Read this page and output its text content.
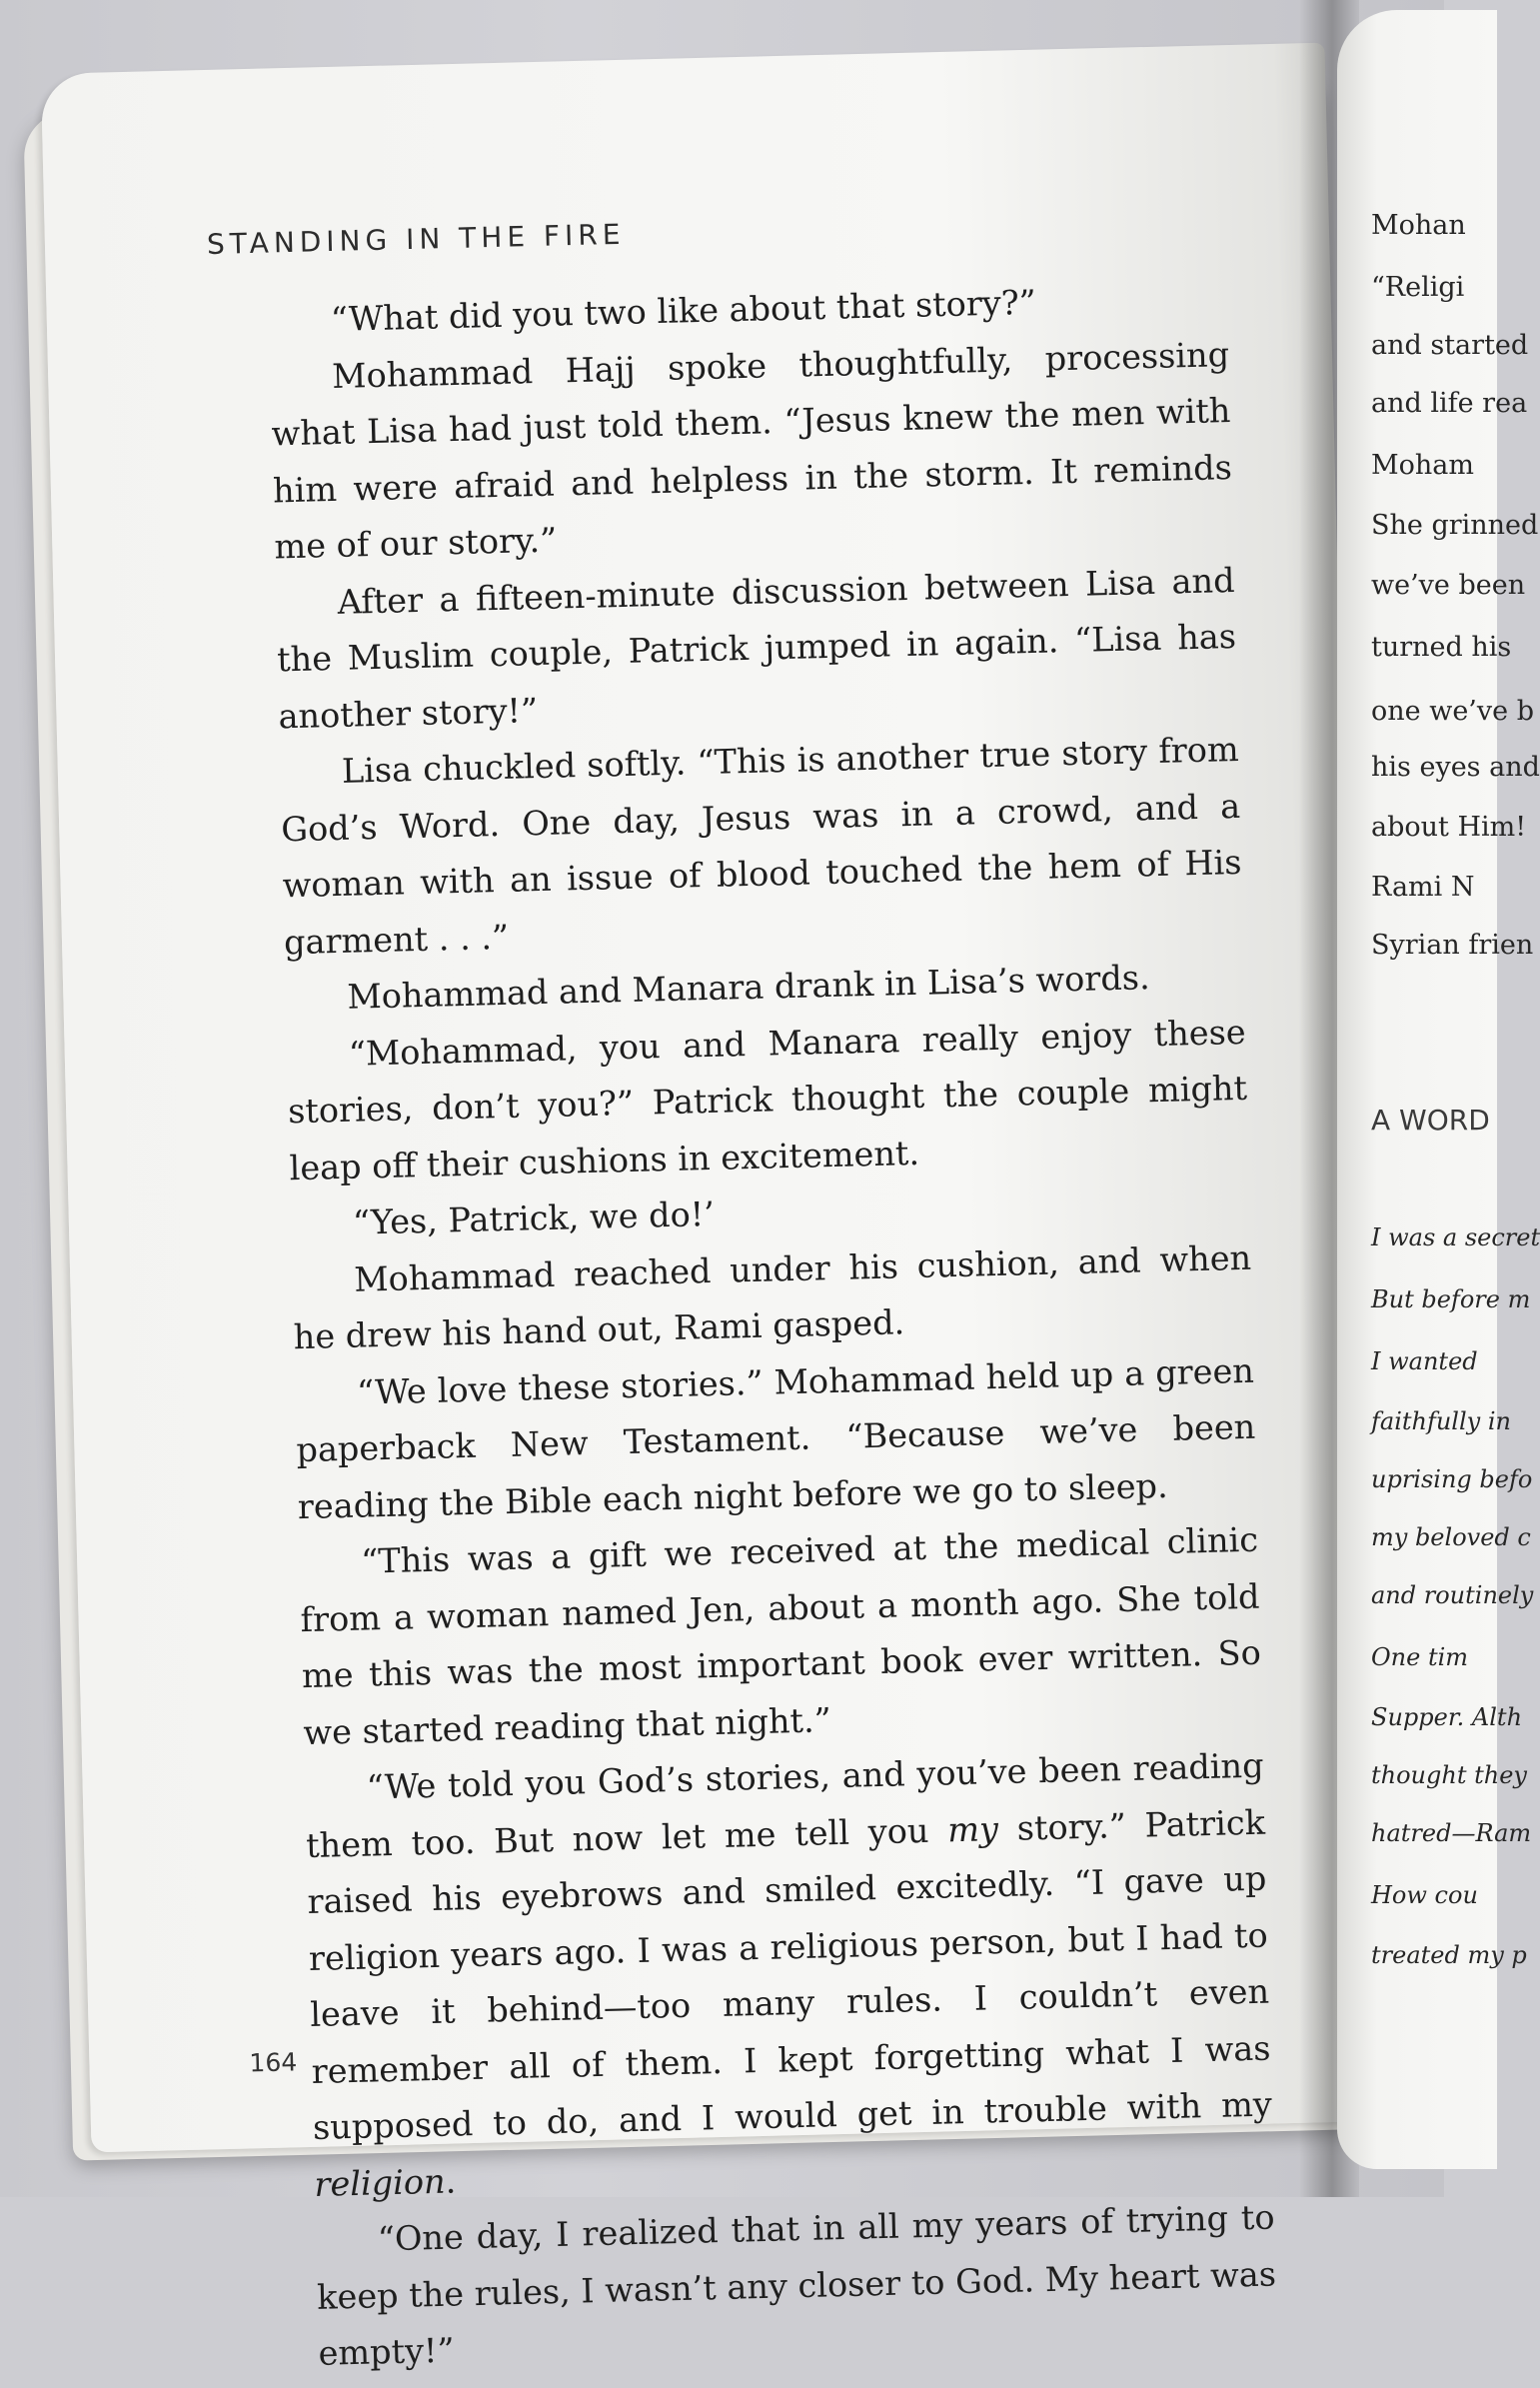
STANDING IN THE FIRE

“What did you two like about that story?”

Mohammad Hajj spoke thoughtfully, processing what Lisa had just told them. “Jesus knew the men with him were afraid and helpless in the storm. It reminds me of our story.”

After a fifteen-minute discussion between Lisa and the Muslim couple, Patrick jumped in again. “Lisa has another story!”

Lisa chuckled softly. “This is another true story from God’s Word. One day, Jesus was in a crowd, and a woman with an issue of blood touched the hem of His garment . . .”

Mohammad and Manara drank in Lisa’s words.

“Mohammad, you and Manara really enjoy these stories, don’t you?” Patrick thought the couple might leap off their cushions in excitement.

“Yes, Patrick, we do!’

Mohammad reached under his cushion, and when he drew his hand out, Rami gasped.

“We love these stories.” Mohammad held up a green paperback New Testament. “Because we’ve been reading the Bible each night before we go to sleep.

“This was a gift we received at the medical clinic from a woman named Jen, about a month ago. She told me this was the most important book ever written. So we started reading that night.”

“We told you God’s stories, and you’ve been reading them too. But now let me tell you my story.” Patrick raised his eyebrows and smiled excitedly. “I gave up religion years ago. I was a religious person, but I had to leave it behind—too many rules. I couldn’t even remember all of them. I kept forgetting what I was supposed to do, and I would get in trouble with my religion.

“One day, I realized that in all my years of trying to keep the rules, I wasn’t any closer to God. My heart was empty!”

164
Mohan
“Religi
and started
and life rea
Moham
She grinned
we’ve been
turned his
one we’ve b
his eyes and
about Him!
Rami N
Syrian frien
A WORD
I was a secret
But before m
I wanted
faithfully in
uprising befo
my beloved c
and routinely
One tim
Supper. Alth
thought they
hatred—Ram
How cou
treated my p
